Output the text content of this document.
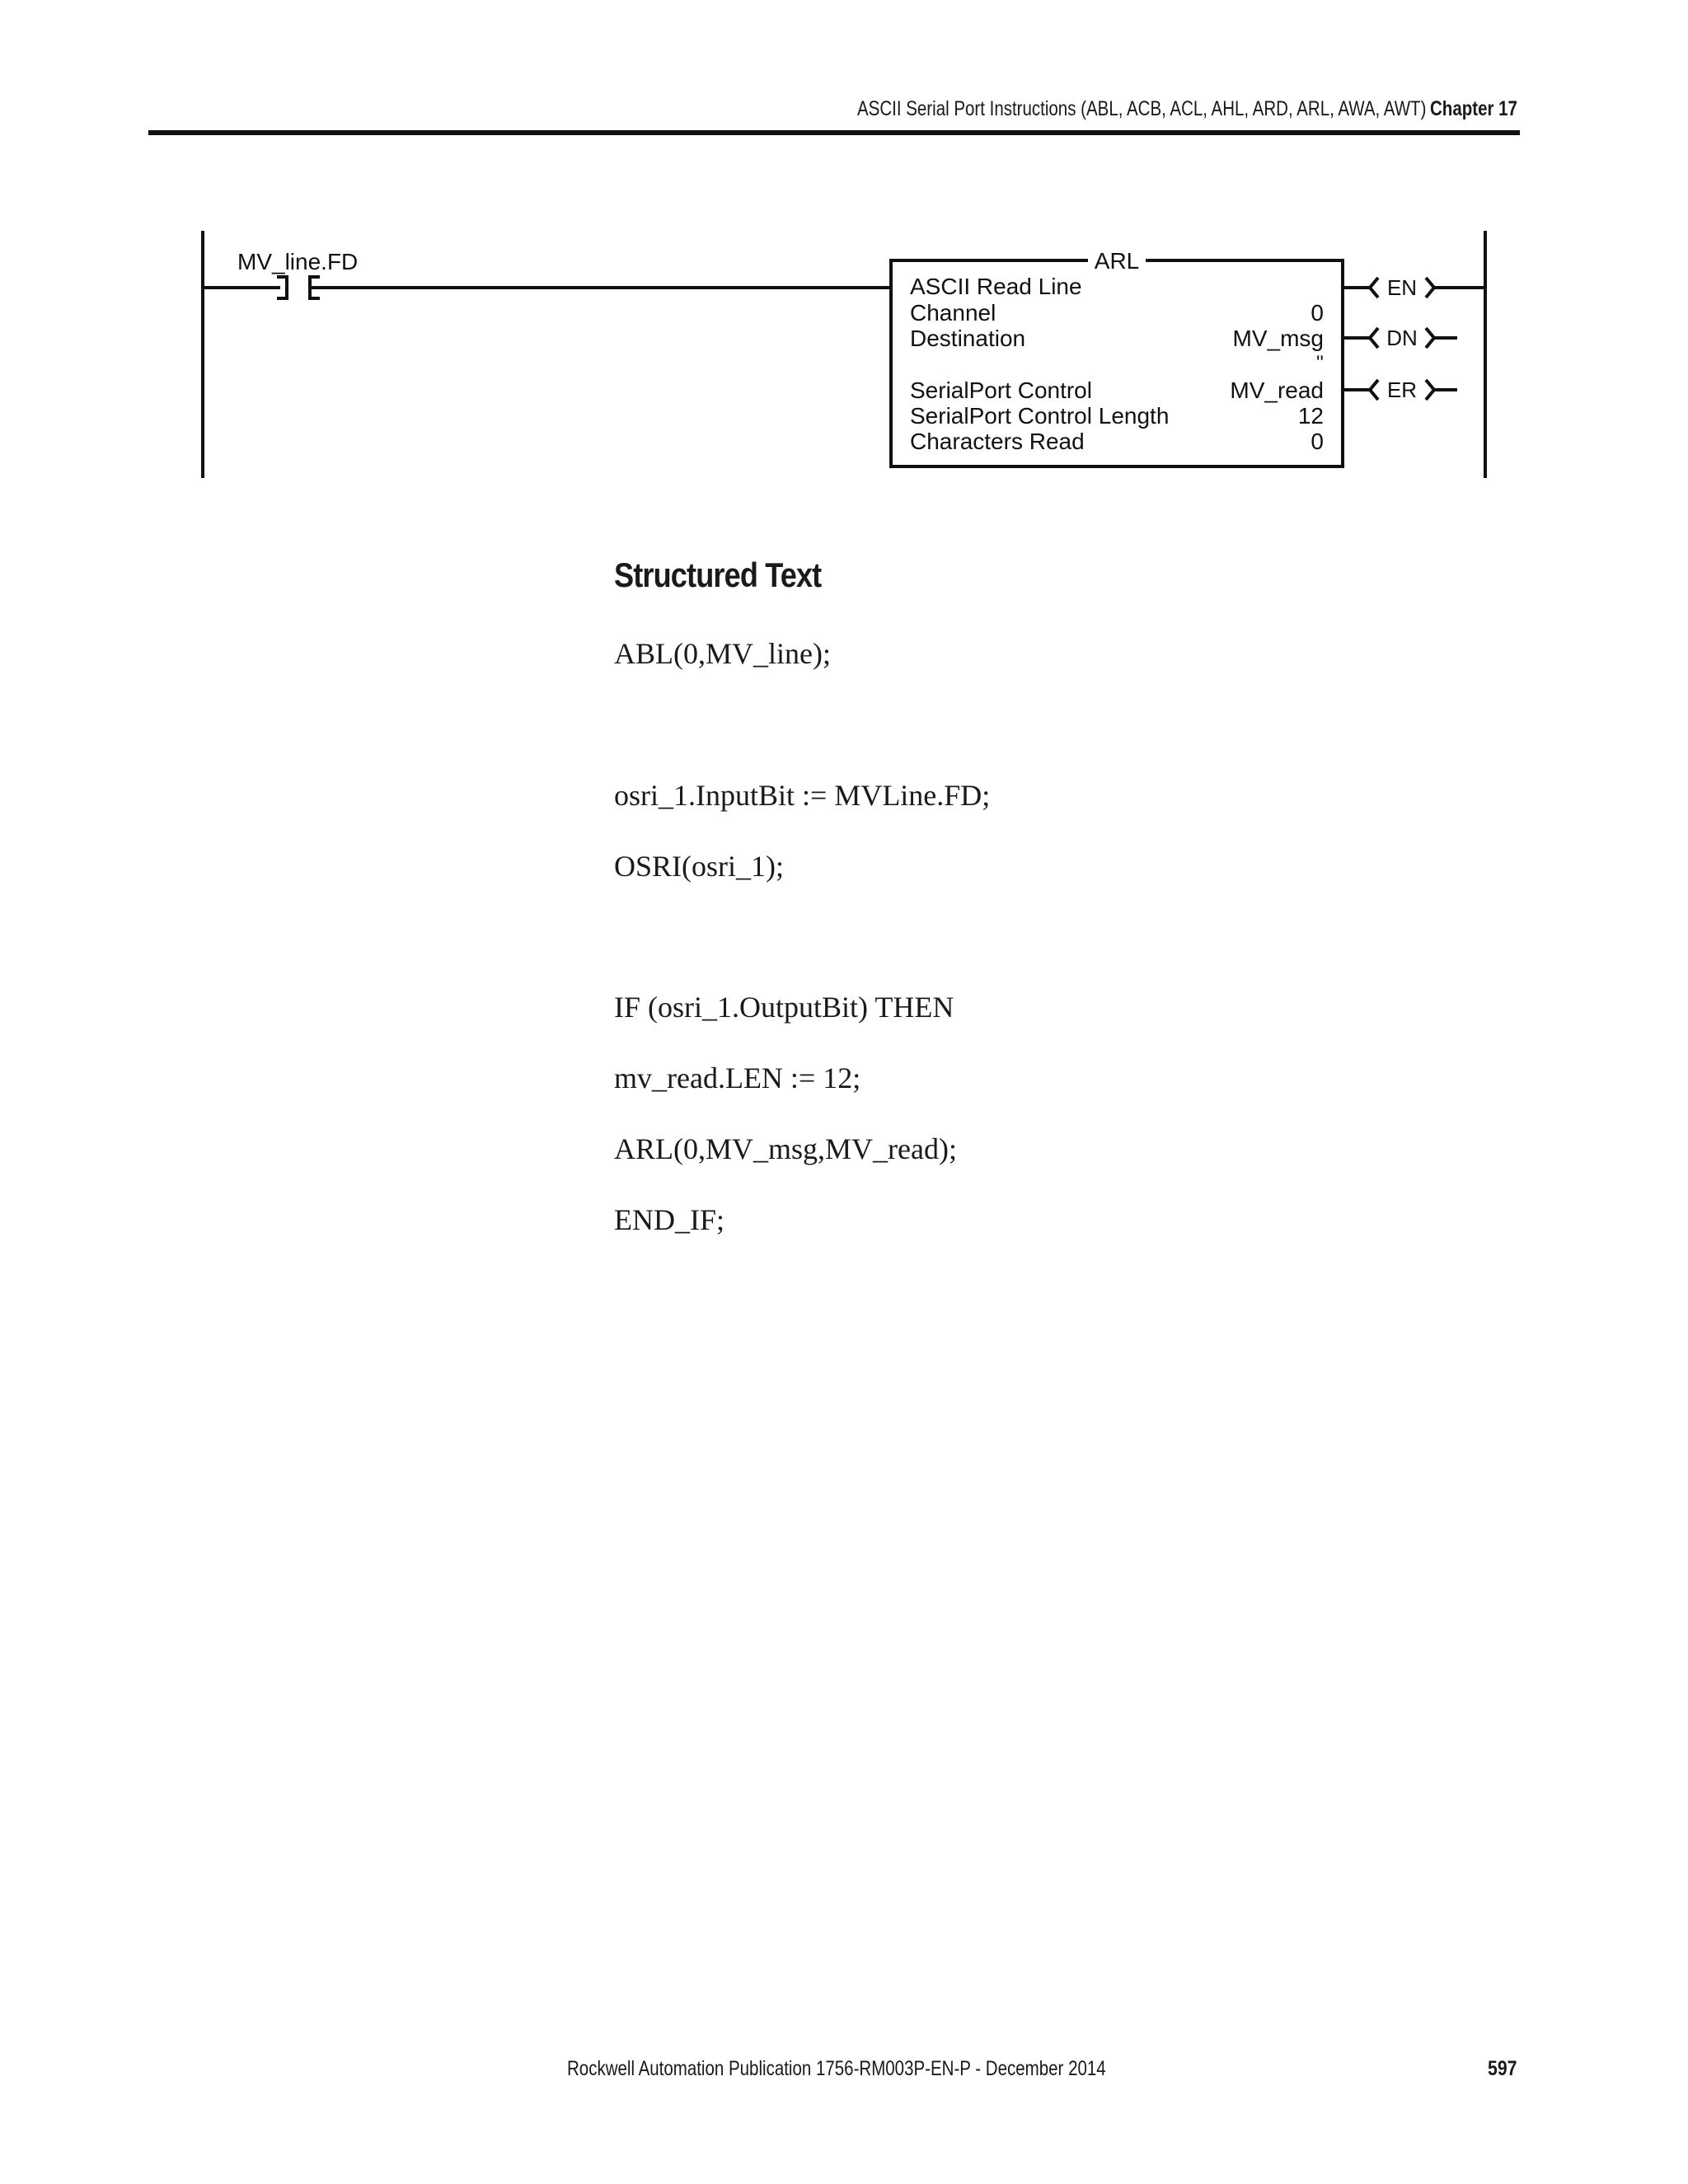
ASCII Serial Port Instructions (ABL, ACB, ACL, AHL, ARD, ARL, AWA, AWT) Chapter 17
MV_line.FD	ARL
ASCII Read Line
Channel	0
Destination	MV_msg
''
SerialPort Control	MV_read
SerialPort Control Length	12
Characters Read	0
EN
DN
ER
Structured Text
ABL(0,MV_line);
osri_1.InputBit := MVLine.FD;
OSRI(osri_1);
IF (osri_1.OutputBit) THEN
mv_read.LEN := 12;
ARL(0,MV_msg,MV_read);
END_IF;
Rockwell Automation Publication 1756-RM003P-EN-P - December 2014	597
